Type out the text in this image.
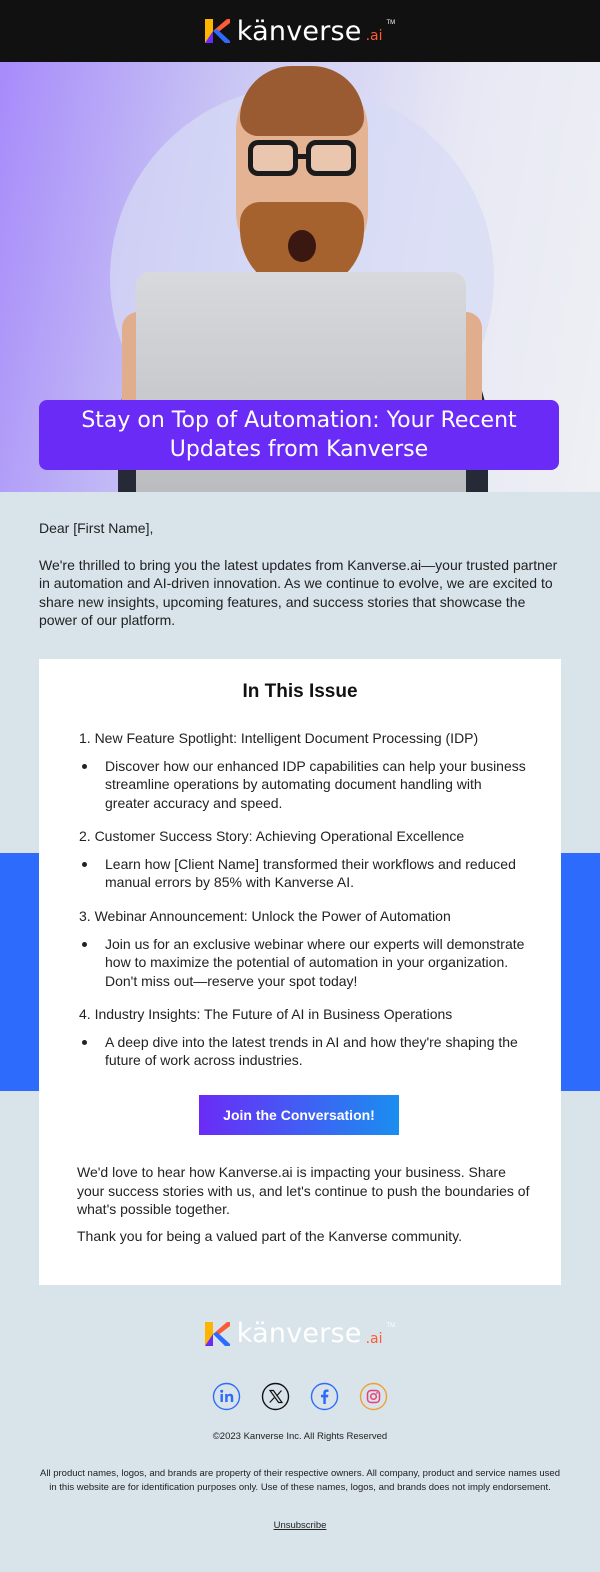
känverse .ai
TM
Stay on Top of Automation: Your Recent Updates from Kanverse

Dear [First Name],

We're thrilled to bring you the latest updates from Kanverse.ai—your trusted partner in automation and AI-driven innovation. As we continue to evolve, we are excited to share new insights, upcoming features, and success stories that showcase the power of our platform.

In This Issue
1. New Feature Spotlight: Intelligent Document Processing (IDP)
Discover how our enhanced IDP capabilities can help your business streamline operations by automating document handling with greater accuracy and speed.
2. Customer Success Story: Achieving Operational Excellence
Learn how [Client Name] transformed their workflows and reduced manual errors by 85% with Kanverse AI.
3. Webinar Announcement: Unlock the Power of Automation
Join us for an exclusive webinar where our experts will demonstrate how to maximize the potential of automation in your organization. Don't miss out—reserve your spot today!
4. Industry Insights: The Future of AI in Business Operations
A deep dive into the latest trends in AI and how they're shaping the future of work across industries.
Join the Conversation!

We'd love to hear how Kanverse.ai is impacting your business. Share your success stories with us, and let's continue to push the boundaries of what's possible together.

Thank you for being a valued part of the Kanverse community.

känverse .ai
TM
©2023 Kanverse Inc. All Rights Reserved
All product names, logos, and brands are property of their respective owners. All company, product and service names used in this website are for identification purposes only. Use of these names, logos, and brands does not imply endorsement.
Unsubscribe
